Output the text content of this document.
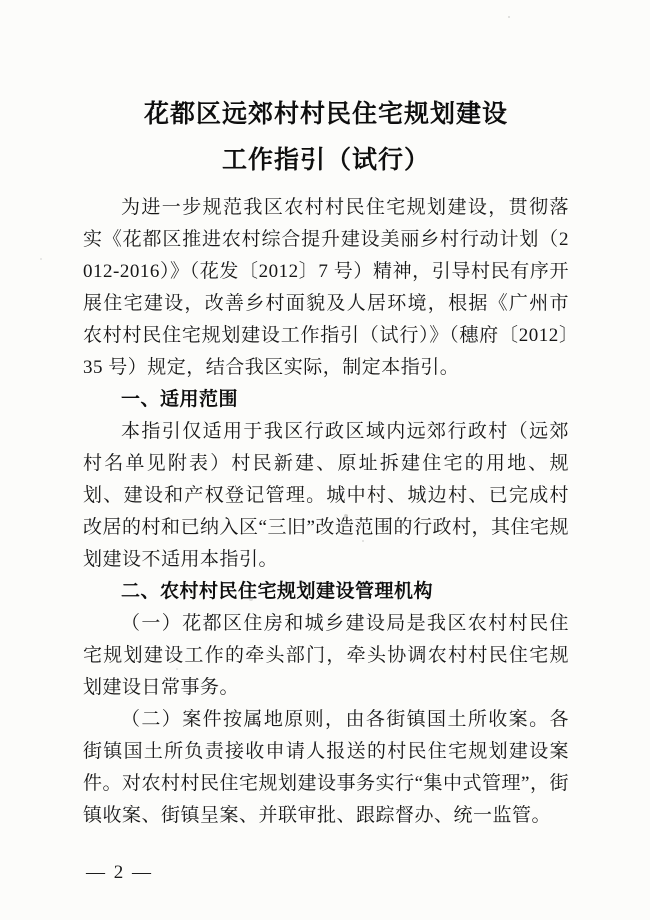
花都区远郊村村民住宅规划建设
工作指引（试行）

为进一步规范我区农村村民住宅规划建设，贯彻落实《花都区推进农村综合提升建设美丽乡村行动计划（2012-2016）》（花发〔2012〕7 号）精神，引导村民有序开展住宅建设，改善乡村面貌及人居环境，根据《广州市农村村民住宅规划建设工作指引（试行）》（穗府〔2012〕35 号）规定，结合我区实际，制定本指引。

一、适用范围

本指引仅适用于我区行政区域内远郊行政村（远郊村名单见附表）村民新建、原址拆建住宅的用地、规划、建设和产权登记管理。城中村、城边村、已完成村改居的村和已纳入区“三旧”改造范围的行政村，其住宅规划建设不适用本指引。

二、农村村民住宅规划建设管理机构

（一）花都区住房和城乡建设局是我区农村村民住宅规划建设工作的牵头部门，牵头协调农村村民住宅规划建设日常事务。

（二）案件按属地原则，由各街镇国土所收案。各街镇国土所负责接收申请人报送的村民住宅规划建设案件。对农村村民住宅规划建设事务实行“集中式管理”，街镇收案、街镇呈案、并联审批、跟踪督办、统一监管。

— 2 —
